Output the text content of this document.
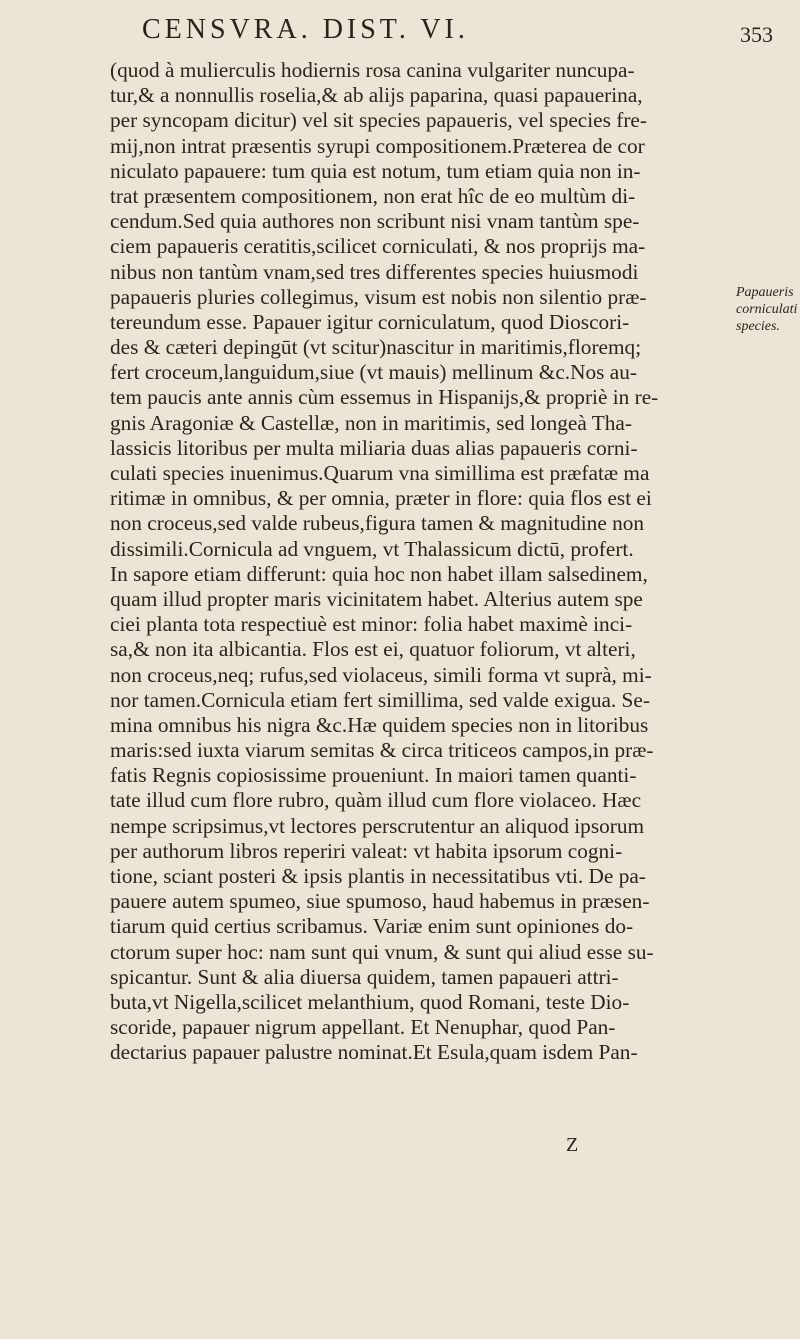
CENSVRA. DIST. VI.	353
(quod à mulierculis hodiernis rosa canina vulgariter nuncupa-
tur,& a nonnullis roselia,& ab alijs paparina, quasi papauerina,
per syncopam dicitur) vel sit species papaueris, vel species fre-
mij,non intrat præsentis syrupi compositionem.Præterea de cor
niculato papauere: tum quia est notum, tum etiam quia non in-
trat præsentem compositionem, non erat hîc de eo multùm di-
cendum.Sed quia authores non scribunt nisi vnam tantùm spe-
ciem papaueris ceratitis,scilicet corniculati, & nos proprijs ma-
nibus non tantùm vnam,sed tres differentes species huiusmodi
papaueris pluries collegimus, visum est nobis non silentio præ-
tereundum esse. Papauer igitur corniculatum, quod Dioscori-
des & cæteri depingūt (vt scitur)nascitur in maritimis,floremq;
fert croceum,languidum,siue (vt mauis) mellinum &c.Nos au-
tem paucis ante annis cùm essemus in Hispanijs,& propriè in re-
gnis Aragoniæ & Castellæ, non in maritimis, sed longeà Tha-
lassicis litoribus per multa miliaria duas alias papaueris corni-
culati species inuenimus.Quarum vna simillima est præfatæ ma
ritimæ in omnibus, & per omnia, præter in flore: quia flos est ei
non croceus,sed valde rubeus,figura tamen & magnitudine non
dissimili.Cornicula ad vnguem, vt Thalassicum dictū, profert.
In sapore etiam differunt: quia hoc non habet illam salsedinem,
quam illud propter maris vicinitatem habet. Alterius autem spe
ciei planta tota respectiuè est minor: folia habet maximè inci-
sa,& non ita albicantia. Flos est ei, quatuor foliorum, vt alteri,
non croceus,neq; rufus,sed violaceus, simili forma vt suprà, mi-
nor tamen.Cornicula etiam fert simillima, sed valde exigua. Se-
mina omnibus his nigra &c.Hæ quidem species non in litoribus
maris:sed iuxta viarum semitas & circa triticeos campos,in præ-
fatis Regnis copiosissime proueniunt. In maiori tamen quanti-
tate illud cum flore rubro, quàm illud cum flore violaceo. Hæc
nempe scripsimus,vt lectores perscrutentur an aliquod ipsorum
per authorum libros reperiri valeat: vt habita ipsorum cogni-
tione, sciant posteri & ipsis plantis in necessitatibus vti. De pa-
pauere autem spumeo, siue spumoso, haud habemus in præsen-
tiarum quid certius scribamus. Variæ enim sunt opiniones do-
ctorum super hoc: nam sunt qui vnum, & sunt qui aliud esse su-
spicantur. Sunt & alia diuersa quidem, tamen papaueri attri-
buta,vt Nigella,scilicet melanthium, quod Romani, teste Dio-
scoride, papauer nigrum appellant. Et Nenuphar, quod Pan-
dectarius papauer palustre nominat.Et Esula,quam isdem Pan-
Papaueris
corniculati
species.
Z
